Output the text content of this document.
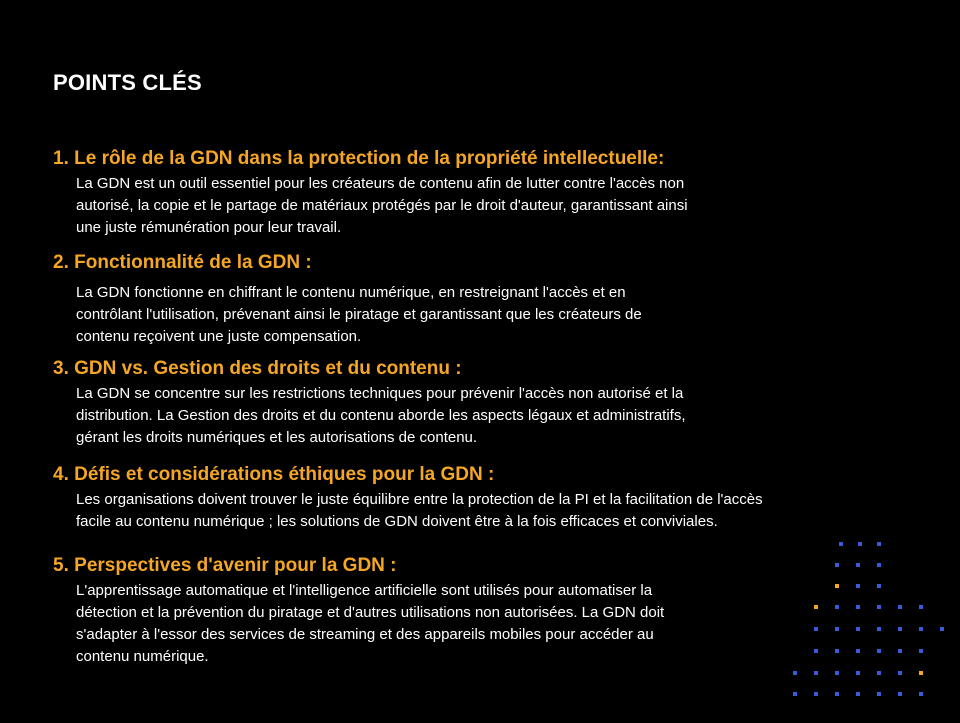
POINTS CLÉS
1. Le rôle de la GDN dans la protection de la propriété intellectuelle:
La GDN est un outil essentiel pour les créateurs de contenu afin de lutter contre l'accès non
autorisé, la copie et le partage de matériaux protégés par le droit d'auteur, garantissant ainsi
une juste rémunération pour leur travail.
2. Fonctionnalité de la GDN :
La GDN fonctionne en chiffrant le contenu numérique, en restreignant l'accès et en
contrôlant l'utilisation, prévenant ainsi le piratage et garantissant que les créateurs de
contenu reçoivent une juste compensation.
3. GDN vs. Gestion des droits et du contenu :
La GDN se concentre sur les restrictions techniques pour prévenir l'accès non autorisé et la
distribution. La Gestion des droits et du contenu aborde les aspects légaux et administratifs,
gérant les droits numériques et les autorisations de contenu.
4. Défis et considérations éthiques pour la GDN :
Les organisations doivent trouver le juste équilibre entre la protection de la PI et la facilitation de l'accès
facile au contenu numérique ; les solutions de GDN doivent être à la fois efficaces et conviviales.
5. Perspectives d'avenir pour la GDN :
L'apprentissage automatique et l'intelligence artificielle sont utilisés pour automatiser la
détection et la prévention du piratage et d'autres utilisations non autorisées. La GDN doit
s'adapter à l'essor des services de streaming et des appareils mobiles pour accéder au
contenu numérique.
